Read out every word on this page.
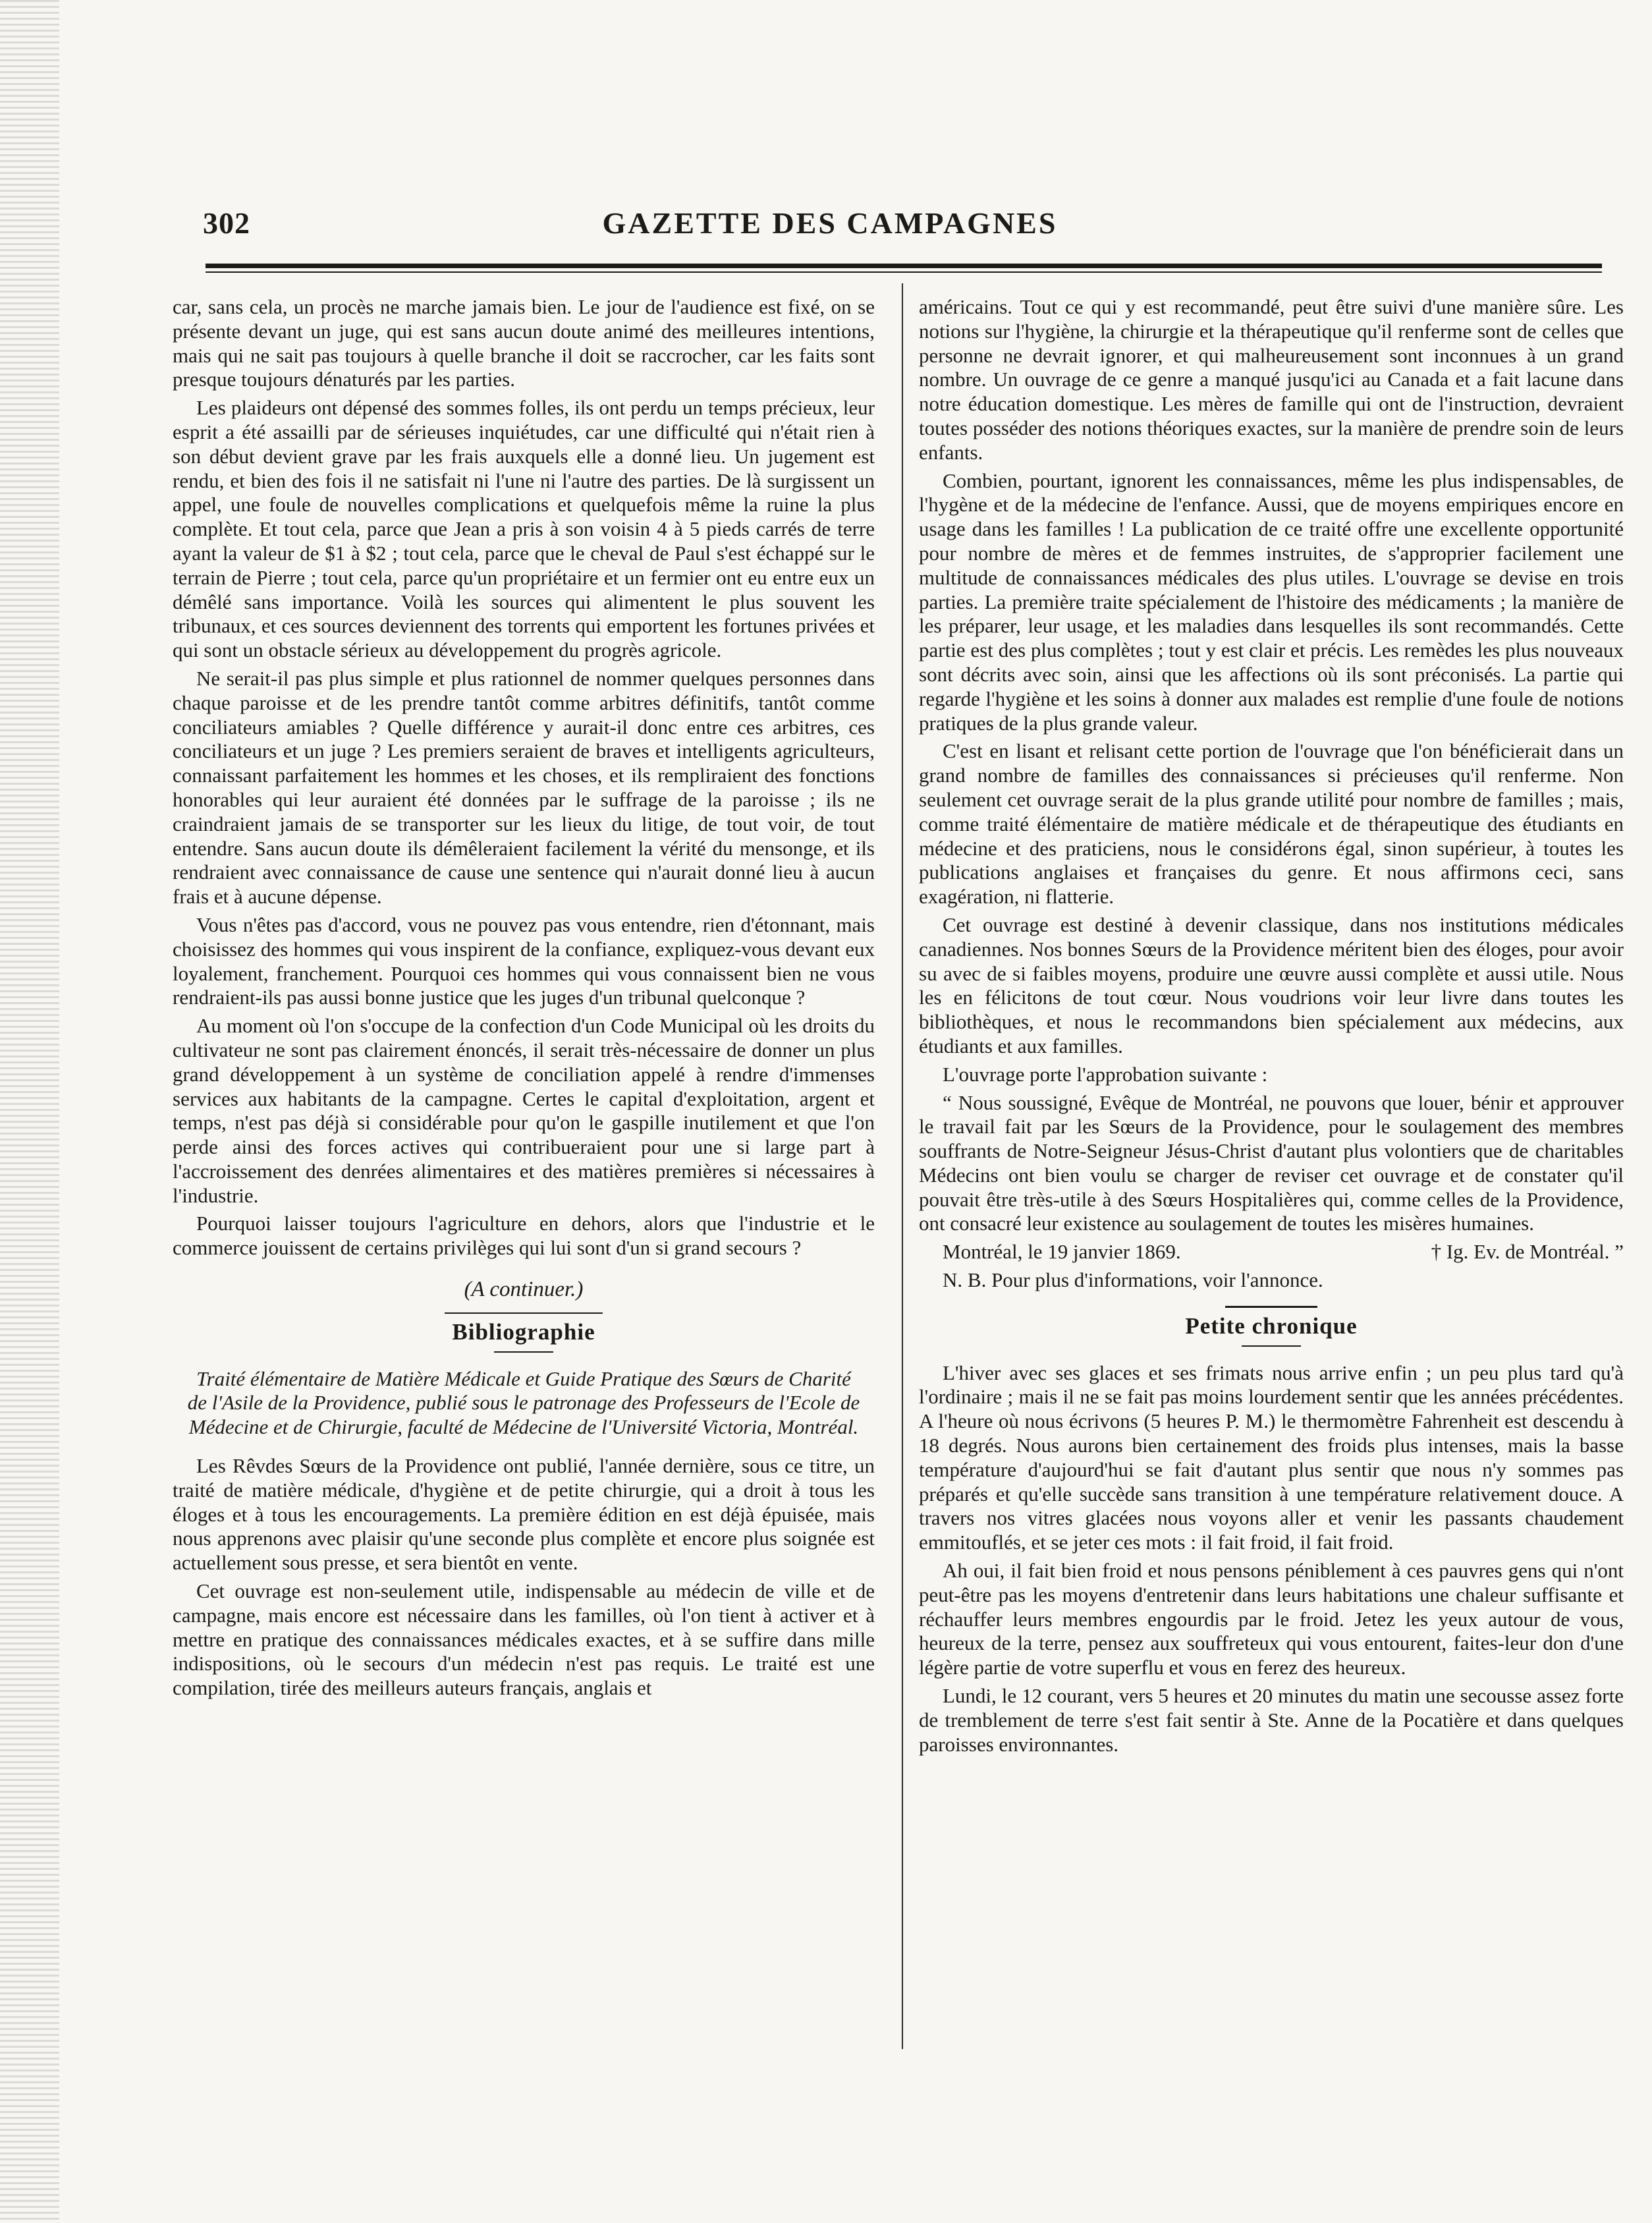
302	GAZETTE DES CAMPAGNES

car, sans cela, un procès ne marche jamais bien. Le jour de l'audience est fixé, on se présente devant un juge, qui est sans aucun doute animé des meilleures intentions, mais qui ne sait pas toujours à quelle branche il doit se raccrocher, car les faits sont presque toujours dénaturés par les parties.

Les plaideurs ont dépensé des sommes folles, ils ont perdu un temps précieux, leur esprit a été assailli par de sérieuses inquiétudes, car une difficulté qui n'était rien à son début devient grave par les frais auxquels elle a donné lieu. Un jugement est rendu, et bien des fois il ne satisfait ni l'une ni l'autre des parties. De là surgissent un appel, une foule de nouvelles complications et quelquefois même la ruine la plus complète. Et tout cela, parce que Jean a pris à son voisin 4 à 5 pieds carrés de terre ayant la valeur de $1 à $2 ; tout cela, parce que le cheval de Paul s'est échappé sur le terrain de Pierre ; tout cela, parce qu'un propriétaire et un fermier ont eu entre eux un démêlé sans importance. Voilà les sources qui alimentent le plus souvent les tribunaux, et ces sources deviennent des torrents qui emportent les fortunes privées et qui sont un obstacle sérieux au développement du progrès agricole.

Ne serait-il pas plus simple et plus rationnel de nommer quelques personnes dans chaque paroisse et de les prendre tantôt comme arbitres définitifs, tantôt comme conciliateurs amiables ? Quelle différence y aurait-il donc entre ces arbitres, ces conciliateurs et un juge ? Les premiers seraient de braves et intelligents agriculteurs, connaissant parfaitement les hommes et les choses, et ils rempliraient des fonctions honorables qui leur auraient été données par le suffrage de la paroisse ; ils ne craindraient jamais de se transporter sur les lieux du litige, de tout voir, de tout entendre. Sans aucun doute ils démêleraient facilement la vérité du mensonge, et ils rendraient avec connaissance de cause une sentence qui n'aurait donné lieu à aucun frais et à aucune dépense.

Vous n'êtes pas d'accord, vous ne pouvez pas vous entendre, rien d'étonnant, mais choisissez des hommes qui vous inspirent de la confiance, expliquez-vous devant eux loyalement, franchement. Pourquoi ces hommes qui vous connaissent bien ne vous rendraient-ils pas aussi bonne justice que les juges d'un tribunal quelconque ?

Au moment où l'on s'occupe de la confection d'un Code Municipal où les droits du cultivateur ne sont pas clairement énoncés, il serait très-nécessaire de donner un plus grand développement à un système de conciliation appelé à rendre d'immenses services aux habitants de la campagne. Certes le capital d'exploitation, argent et temps, n'est pas déjà si considérable pour qu'on le gaspille inutilement et que l'on perde ainsi des forces actives qui contribueraient pour une si large part à l'accroissement des denrées alimentaires et des matières premières si nécessaires à l'industrie.

Pourquoi laisser toujours l'agriculture en dehors, alors que l'industrie et le commerce jouissent de certains privilèges qui lui sont d'un si grand secours ?

(A continuer.)
Bibliographie
Traité élémentaire de Matière Médicale et Guide Pratique des Sœurs de Charité de l'Asile de la Providence, publié sous le patronage des Professeurs de l'Ecole de Médecine et de Chirurgie, faculté de Médecine de l'Université Victoria, Montréal.

Les Rêvdes Sœurs de la Providence ont publié, l'année dernière, sous ce titre, un traité de matière médicale, d'hygiène et de petite chirurgie, qui a droit à tous les éloges et à tous les encouragements. La première édition en est déjà épuisée, mais nous apprenons avec plaisir qu'une seconde plus complète et encore plus soignée est actuellement sous presse, et sera bientôt en vente.

Cet ouvrage est non-seulement utile, indispensable au médecin de ville et de campagne, mais encore est nécessaire dans les familles, où l'on tient à activer et à mettre en pratique des connaissances médicales exactes, et à se suffire dans mille indispositions, où le secours d'un médecin n'est pas requis. Le traité est une compilation, tirée des meilleurs auteurs français, anglais et

américains. Tout ce qui y est recommandé, peut être suivi d'une manière sûre. Les notions sur l'hygiène, la chirurgie et la thérapeutique qu'il renferme sont de celles que personne ne devrait ignorer, et qui malheureusement sont inconnues à un grand nombre. Un ouvrage de ce genre a manqué jusqu'ici au Canada et a fait lacune dans notre éducation domestique. Les mères de famille qui ont de l'instruction, devraient toutes posséder des notions théoriques exactes, sur la manière de prendre soin de leurs enfants.

Combien, pourtant, ignorent les connaissances, même les plus indispensables, de l'hygène et de la médecine de l'enfance. Aussi, que de moyens empiriques encore en usage dans les familles ! La publication de ce traité offre une excellente opportunité pour nombre de mères et de femmes instruites, de s'approprier facilement une multitude de connaissances médicales des plus utiles. L'ouvrage se devise en trois parties. La première traite spécialement de l'histoire des médicaments ; la manière de les préparer, leur usage, et les maladies dans lesquelles ils sont recommandés. Cette partie est des plus complètes ; tout y est clair et précis. Les remèdes les plus nouveaux sont décrits avec soin, ainsi que les affections où ils sont préconisés. La partie qui regarde l'hygiène et les soins à donner aux malades est remplie d'une foule de notions pratiques de la plus grande valeur.

C'est en lisant et relisant cette portion de l'ouvrage que l'on bénéficierait dans un grand nombre de familles des connaissances si précieuses qu'il renferme. Non seulement cet ouvrage serait de la plus grande utilité pour nombre de familles ; mais, comme traité élémentaire de matière médicale et de thérapeutique des étudiants en médecine et des praticiens, nous le considérons égal, sinon supérieur, à toutes les publications anglaises et françaises du genre. Et nous affirmons ceci, sans exagération, ni flatterie.

Cet ouvrage est destiné à devenir classique, dans nos institutions médicales canadiennes. Nos bonnes Sœurs de la Providence méritent bien des éloges, pour avoir su avec de si faibles moyens, produire une œuvre aussi complète et aussi utile. Nous les en félicitons de tout cœur. Nous voudrions voir leur livre dans toutes les bibliothèques, et nous le recommandons bien spécialement aux médecins, aux étudiants et aux familles.

L'ouvrage porte l'approbation suivante :

“ Nous soussigné, Evêque de Montréal, ne pouvons que louer, bénir et approuver le travail fait par les Sœurs de la Providence, pour le soulagement des membres souffrants de Notre-Seigneur Jésus-Christ d'autant plus volontiers que de charitables Médecins ont bien voulu se charger de reviser cet ouvrage et de constater qu'il pouvait être très-utile à des Sœurs Hospitalières qui, comme celles de la Providence, ont consacré leur existence au soulagement de toutes les misères humaines.

Montréal, le 19 janvier 1869.	† Ig. Ev. de Montréal. ”
N. B. Pour plus d'informations, voir l'annonce.
Petite chronique

L'hiver avec ses glaces et ses frimats nous arrive enfin ; un peu plus tard qu'à l'ordinaire ; mais il ne se fait pas moins lourdement sentir que les années précédentes. A l'heure où nous écrivons (5 heures P. M.) le thermomètre Fahrenheit est descendu à 18 degrés. Nous aurons bien certainement des froids plus intenses, mais la basse température d'aujourd'hui se fait d'autant plus sentir que nous n'y sommes pas préparés et qu'elle succède sans transition à une température relativement douce. A travers nos vitres glacées nous voyons aller et venir les passants chaudement emmitouflés, et se jeter ces mots : il fait froid, il fait froid.

Ah oui, il fait bien froid et nous pensons péniblement à ces pauvres gens qui n'ont peut-être pas les moyens d'entretenir dans leurs habitations une chaleur suffisante et réchauffer leurs membres engourdis par le froid. Jetez les yeux autour de vous, heureux de la terre, pensez aux souffreteux qui vous entourent, faites-leur don d'une légère partie de votre superflu et vous en ferez des heureux.

Lundi, le 12 courant, vers 5 heures et 20 minutes du matin une secousse assez forte de tremblement de terre s'est fait sentir à Ste. Anne de la Pocatière et dans quelques paroisses environnantes.
